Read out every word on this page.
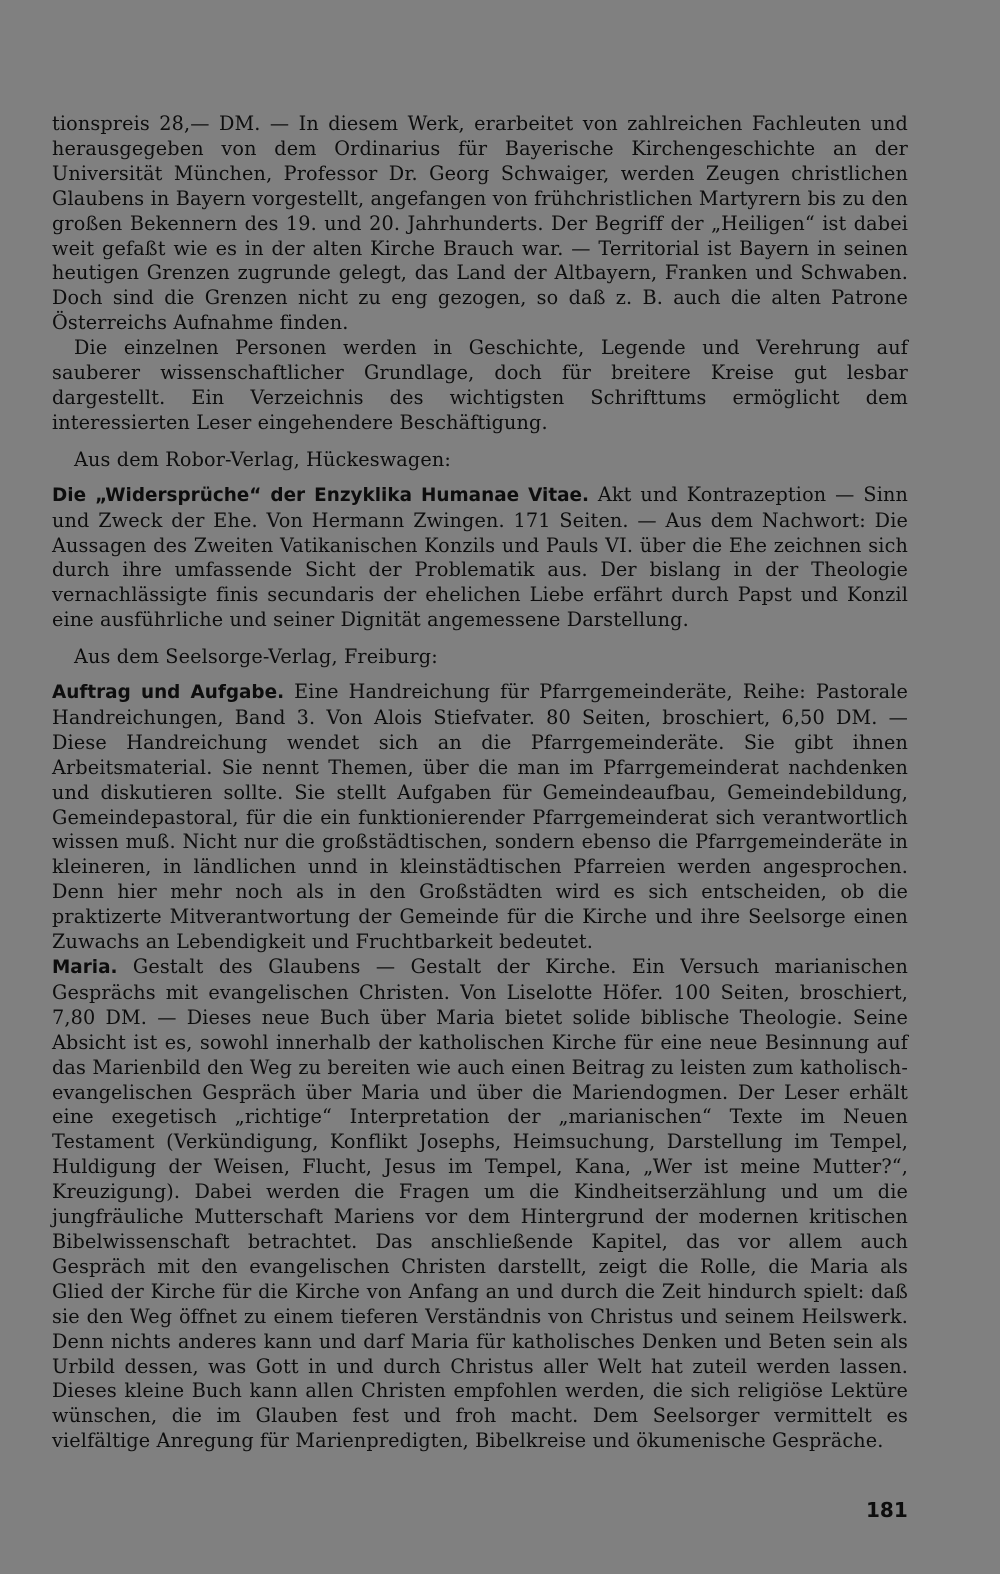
tionspreis 28,— DM. — In diesem Werk, erarbeitet von zahlreichen Fachleuten und herausgegeben von dem Ordinarius für Bayerische Kirchengeschichte an der Universität München, Professor Dr. Georg Schwaiger, werden Zeugen christlichen Glaubens in Bayern vorgestellt, angefangen von frühchristlichen Martyrern bis zu den großen Bekennern des 19. und 20. Jahrhunderts. Der Begriff der „Heiligen“ ist dabei weit gefaßt wie es in der alten Kirche Brauch war. — Territorial ist Bayern in seinen heutigen Grenzen zugrunde gelegt, das Land der Altbayern, Franken und Schwaben. Doch sind die Grenzen nicht zu eng gezogen, so daß z. B. auch die alten Patrone Österreichs Aufnahme finden.

Die einzelnen Personen werden in Geschichte, Legende und Verehrung auf sauberer wissenschaftlicher Grundlage, doch für breitere Kreise gut lesbar dargestellt. Ein Verzeichnis des wichtigsten Schrifttums ermöglicht dem interessierten Leser eingehendere Beschäftigung.

Aus dem Robor-Verlag, Hückeswagen:

Die „Widersprüche“ der Enzyklika Humanae Vitae. Akt und Kontrazeption — Sinn und Zweck der Ehe. Von Hermann Zwingen. 171 Seiten. — Aus dem Nachwort: Die Aussagen des Zweiten Vatikanischen Konzils und Pauls VI. über die Ehe zeichnen sich durch ihre umfassende Sicht der Problematik aus. Der bislang in der Theologie vernachlässigte finis secundaris der ehelichen Liebe erfährt durch Papst und Konzil eine ausführliche und seiner Dignität angemessene Darstellung.

Aus dem Seelsorge-Verlag, Freiburg:

Auftrag und Aufgabe. Eine Handreichung für Pfarrgemeinderäte, Reihe: Pastorale Handreichungen, Band 3. Von Alois Stiefvater. 80 Seiten, broschiert, 6,50 DM. — Diese Handreichung wendet sich an die Pfarrgemeinderäte. Sie gibt ihnen Arbeitsmaterial. Sie nennt Themen, über die man im Pfarrgemeinderat nachdenken und diskutieren sollte. Sie stellt Aufgaben für Gemeindeaufbau, Gemeindebildung, Gemeindepastoral, für die ein funktionierender Pfarrgemeinderat sich verantwortlich wissen muß. Nicht nur die großstädtischen, sondern ebenso die Pfarrgemeinderäte in kleineren, in ländlichen unnd in kleinstädtischen Pfarreien werden angesprochen. Denn hier mehr noch als in den Großstädten wird es sich entscheiden, ob die praktizerte Mitverantwortung der Gemeinde für die Kirche und ihre Seelsorge einen Zuwachs an Lebendigkeit und Fruchtbarkeit bedeutet.

Maria. Gestalt des Glaubens — Gestalt der Kirche. Ein Versuch marianischen Gesprächs mit evangelischen Christen. Von Liselotte Höfer. 100 Seiten, broschiert, 7,80 DM. — Dieses neue Buch über Maria bietet solide biblische Theologie. Seine Absicht ist es, sowohl innerhalb der katholischen Kirche für eine neue Besinnung auf das Marienbild den Weg zu bereiten wie auch einen Beitrag zu leisten zum katholisch-evangelischen Gespräch über Maria und über die Mariendogmen. Der Leser erhält eine exegetisch „richtige“ Interpretation der „marianischen“ Texte im Neuen Testament (Verkündigung, Konflikt Josephs, Heimsuchung, Darstellung im Tempel, Huldigung der Weisen, Flucht, Jesus im Tempel, Kana, „Wer ist meine Mutter?“, Kreuzigung). Dabei werden die Fragen um die Kindheitserzählung und um die jungfräuliche Mutterschaft Mariens vor dem Hintergrund der modernen kritischen Bibelwissenschaft betrachtet. Das anschließende Kapitel, das vor allem auch Gespräch mit den evangelischen Christen darstellt, zeigt die Rolle, die Maria als Glied der Kirche für die Kirche von Anfang an und durch die Zeit hindurch spielt: daß sie den Weg öffnet zu einem tieferen Verständnis von Christus und seinem Heilswerk. Denn nichts anderes kann und darf Maria für katholisches Denken und Beten sein als Urbild dessen, was Gott in und durch Christus aller Welt hat zuteil werden lassen. Dieses kleine Buch kann allen Christen empfohlen werden, die sich religiöse Lektüre wünschen, die im Glauben fest und froh macht. Dem Seelsorger vermittelt es vielfältige Anregung für Marienpredigten, Bibelkreise und ökumenische Gespräche.

181
